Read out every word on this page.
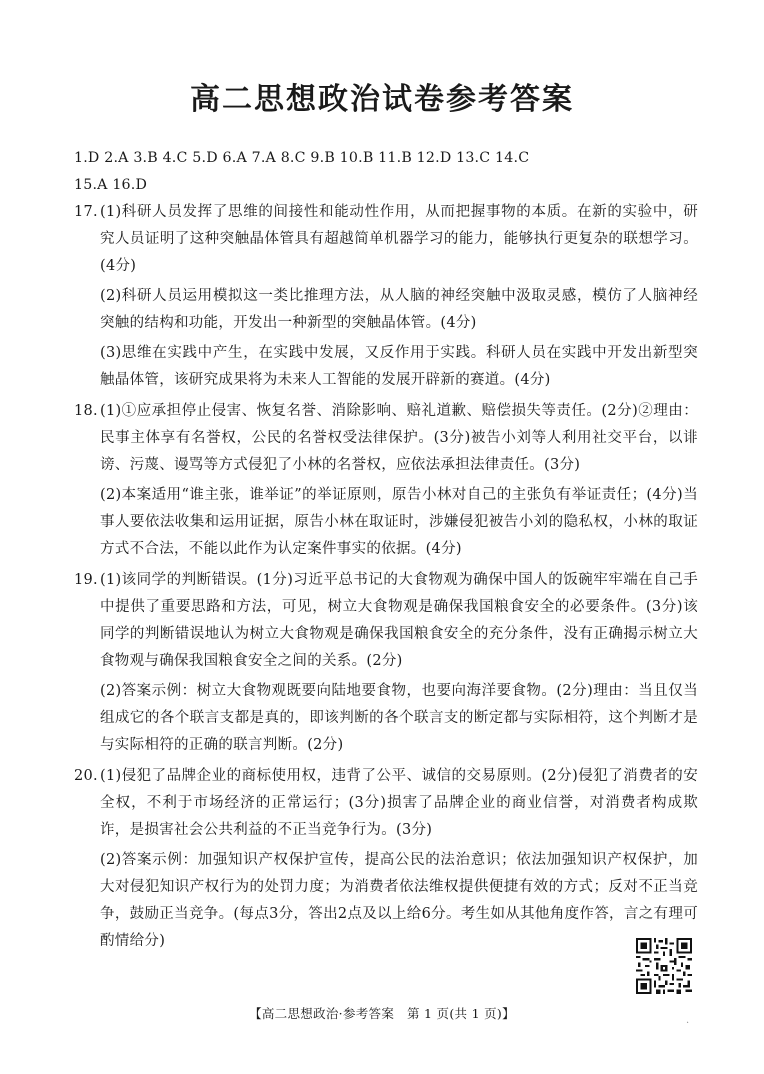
高二思想政治试卷参考答案
1.D 2.A 3.B 4.C 5.D 6.A 7.A 8.C 9.B 10.B 11.B 12.D 13.C 14.C
15.A 16.D
17. (1)科研人员发挥了思维的间接性和能动性作用，从而把握事物的本质。在新的实验中，研究人员证明了这种突触晶体管具有超越简单机器学习的能力，能够执行更复杂的联想学习。(4分)

(2)科研人员运用模拟这一类比推理方法，从人脑的神经突触中汲取灵感，模仿了人脑神经突触的结构和功能，开发出一种新型的突触晶体管。(4分)

(3)思维在实践中产生，在实践中发展，又反作用于实践。科研人员在实践中开发出新型突触晶体管，该研究成果将为未来人工智能的发展开辟新的赛道。(4分)

18. (1)①应承担停止侵害、恢复名誉、消除影响、赔礼道歉、赔偿损失等责任。(2分)②理由：民事主体享有名誉权，公民的名誉权受法律保护。(3分)被告小刘等人利用社交平台，以诽谤、污蔑、谩骂等方式侵犯了小林的名誉权，应依法承担法律责任。(3分)

(2)本案适用“谁主张，谁举证”的举证原则，原告小林对自己的主张负有举证责任；(4分)当事人要依法收集和运用证据，原告小林在取证时，涉嫌侵犯被告小刘的隐私权，小林的取证方式不合法，不能以此作为认定案件事实的依据。(4分)

19. (1)该同学的判断错误。(1分)习近平总书记的大食物观为确保中国人的饭碗牢牢端在自己手中提供了重要思路和方法，可见，树立大食物观是确保我国粮食安全的必要条件。(3分)该同学的判断错误地认为树立大食物观是确保我国粮食安全的充分条件，没有正确揭示树立大食物观与确保我国粮食安全之间的关系。(2分)

(2)答案示例：树立大食物观既要向陆地要食物，也要向海洋要食物。(2分)理由：当且仅当组成它的各个联言支都是真的，即该判断的各个联言支的断定都与实际相符，这个判断才是与实际相符的正确的联言判断。(2分)

20. (1)侵犯了品牌企业的商标使用权，违背了公平、诚信的交易原则。(2分)侵犯了消费者的安全权，不利于市场经济的正常运行；(3分)损害了品牌企业的商业信誉，对消费者构成欺诈，是损害社会公共利益的不正当竞争行为。(3分)

(2)答案示例：加强知识产权保护宣传，提高公民的法治意识；依法加强知识产权保护，加大对侵犯知识产权行为的处罚力度；为消费者依法维权提供便捷有效的方式；反对不正当竞争，鼓励正当竞争。(每点3分，答出2点及以上给6分。考生如从其他角度作答，言之有理可酌情给分)

【高二思想政治·参考答案　第 1 页(共 1 页)】
·
